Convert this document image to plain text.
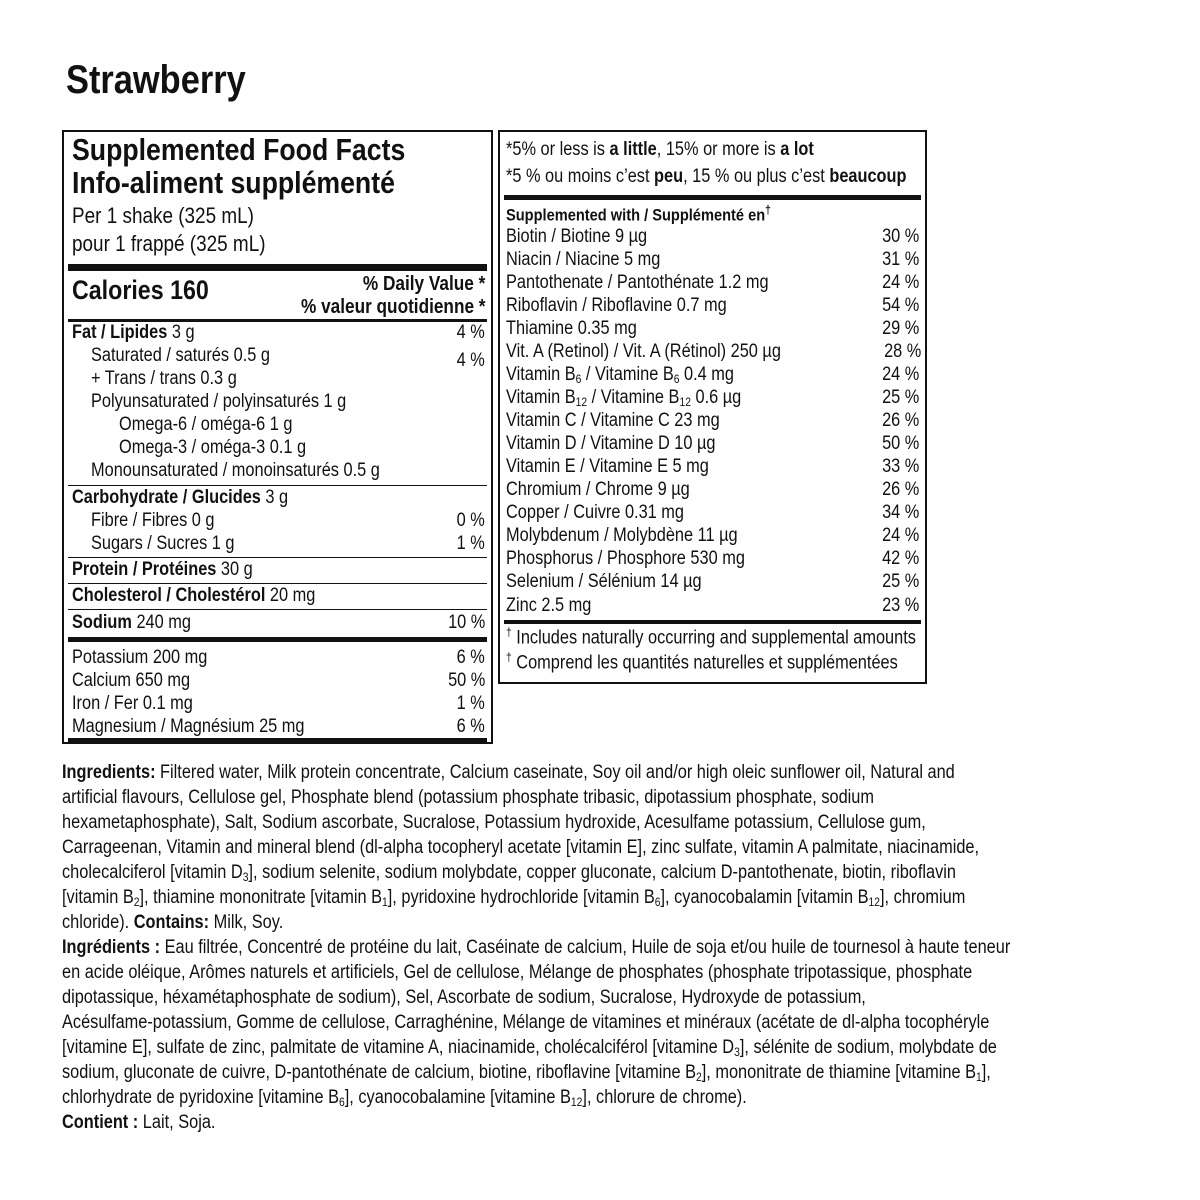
Strawberry
Supplemented Food Facts
Info-aliment supplémenté
Per 1 shake (325 mL)
pour 1 frappé (325 mL)
Calories 160	% Daily Value *
% valeur quotidienne *
Fat / Lipides 3 g	4 %
Saturated / saturés 0.5 g	4 %
+ Trans / trans 0.3 g
Polyunsaturated / polyinsaturés 1 g
Omega-6 / oméga-6 1 g
Omega-3 / oméga-3 0.1 g
Monounsaturated / monoinsaturés 0.5 g
Carbohydrate / Glucides 3 g
Fibre / Fibres 0 g	0 %
Sugars / Sucres 1 g	1 %
Protein / Protéines 30 g
Cholesterol / Cholestérol 20 mg
Sodium 240 mg	10 %
Potassium 200 mg	6 %
Calcium 650 mg	50 %
Iron / Fer 0.1 mg	1 %
Magnesium / Magnésium 25 mg	6 %
*5% or less is a little, 15% or more is a lot
*5 % ou moins c’est peu, 15 % ou plus c’est beaucoup
Supplemented with / Supplémenté en†
Biotin / Biotine 9 µg	30 %
Niacin / Niacine 5 mg	31 %
Pantothenate / Pantothénate 1.2 mg	24 %
Riboflavin / Riboflavine 0.7 mg	54 %
Thiamine 0.35 mg	29 %
Vit. A (Retinol) / Vit. A (Rétinol) 250 µg	28 %
Vitamin $B_6$ / Vitamine $B_6$ 0.4 mg	24 %
Vitamin $B_{12}$ / Vitamine $B_{12}$ 0.6 µg	25 %
Vitamin C / Vitamine C 23 mg	26 %
Vitamin D / Vitamine D 10 µg	50 %
Vitamin E / Vitamine E 5 mg	33 %
Chromium / Chrome 9 µg	26 %
Copper / Cuivre 0.31 mg	34 %
Molybdenum / Molybdène 11 µg	24 %
Phosphorus / Phosphore 530 mg	42 %
Selenium / Sélénium 14 µg	25 %
Zinc 2.5 mg	23 %
† Includes naturally occurring and supplemental amounts
† Comprend les quantités naturelles et supplémentées
Ingredients: Filtered water, Milk protein concentrate, Calcium caseinate, Soy oil and/or high oleic sunflower oil, Natural and
artificial flavours, Cellulose gel, Phosphate blend (potassium phosphate tribasic, dipotassium phosphate, sodium
hexametaphosphate), Salt, Sodium ascorbate, Sucralose, Potassium hydroxide, Acesulfame potassium, Cellulose gum,
Carrageenan, Vitamin and mineral blend (dl-alpha tocopheryl acetate [vitamin E], zinc sulfate, vitamin A palmitate, niacinamide,
cholecalciferol [vitamin $D_3$], sodium selenite, sodium molybdate, copper gluconate, calcium D-pantothenate, biotin, riboflavin
[vitamin $B_2$], thiamine mononitrate [vitamin $B_1$], pyridoxine hydrochloride [vitamin $B_6$], cyanocobalamin [vitamin $B_{12}$], chromium
chloride). Contains: Milk, Soy.
Ingrédients : Eau filtrée, Concentré de protéine du lait, Caséinate de calcium, Huile de soja et/ou huile de tournesol à haute teneur
en acide oléique, Arômes naturels et artificiels, Gel de cellulose, Mélange de phosphates (phosphate tripotassique, phosphate
dipotassique, héxamétaphosphate de sodium), Sel, Ascorbate de sodium, Sucralose, Hydroxyde de potassium,
Acésulfame-potassium, Gomme de cellulose, Carraghénine, Mélange de vitamines et minéraux (acétate de dl-alpha tocophéryle
[vitamine E], sulfate de zinc, palmitate de vitamine A, niacinamide, cholécalciférol [vitamine $D_3$], sélénite de sodium, molybdate de
sodium, gluconate de cuivre, D-pantothénate de calcium, biotine, riboflavine [vitamine $B_2$], mononitrate de thiamine [vitamine $B_1$],
chlorhydrate de pyridoxine [vitamine $B_6$], cyanocobalamine [vitamine $B_{12}$], chlorure de chrome).
Contient : Lait, Soja.
